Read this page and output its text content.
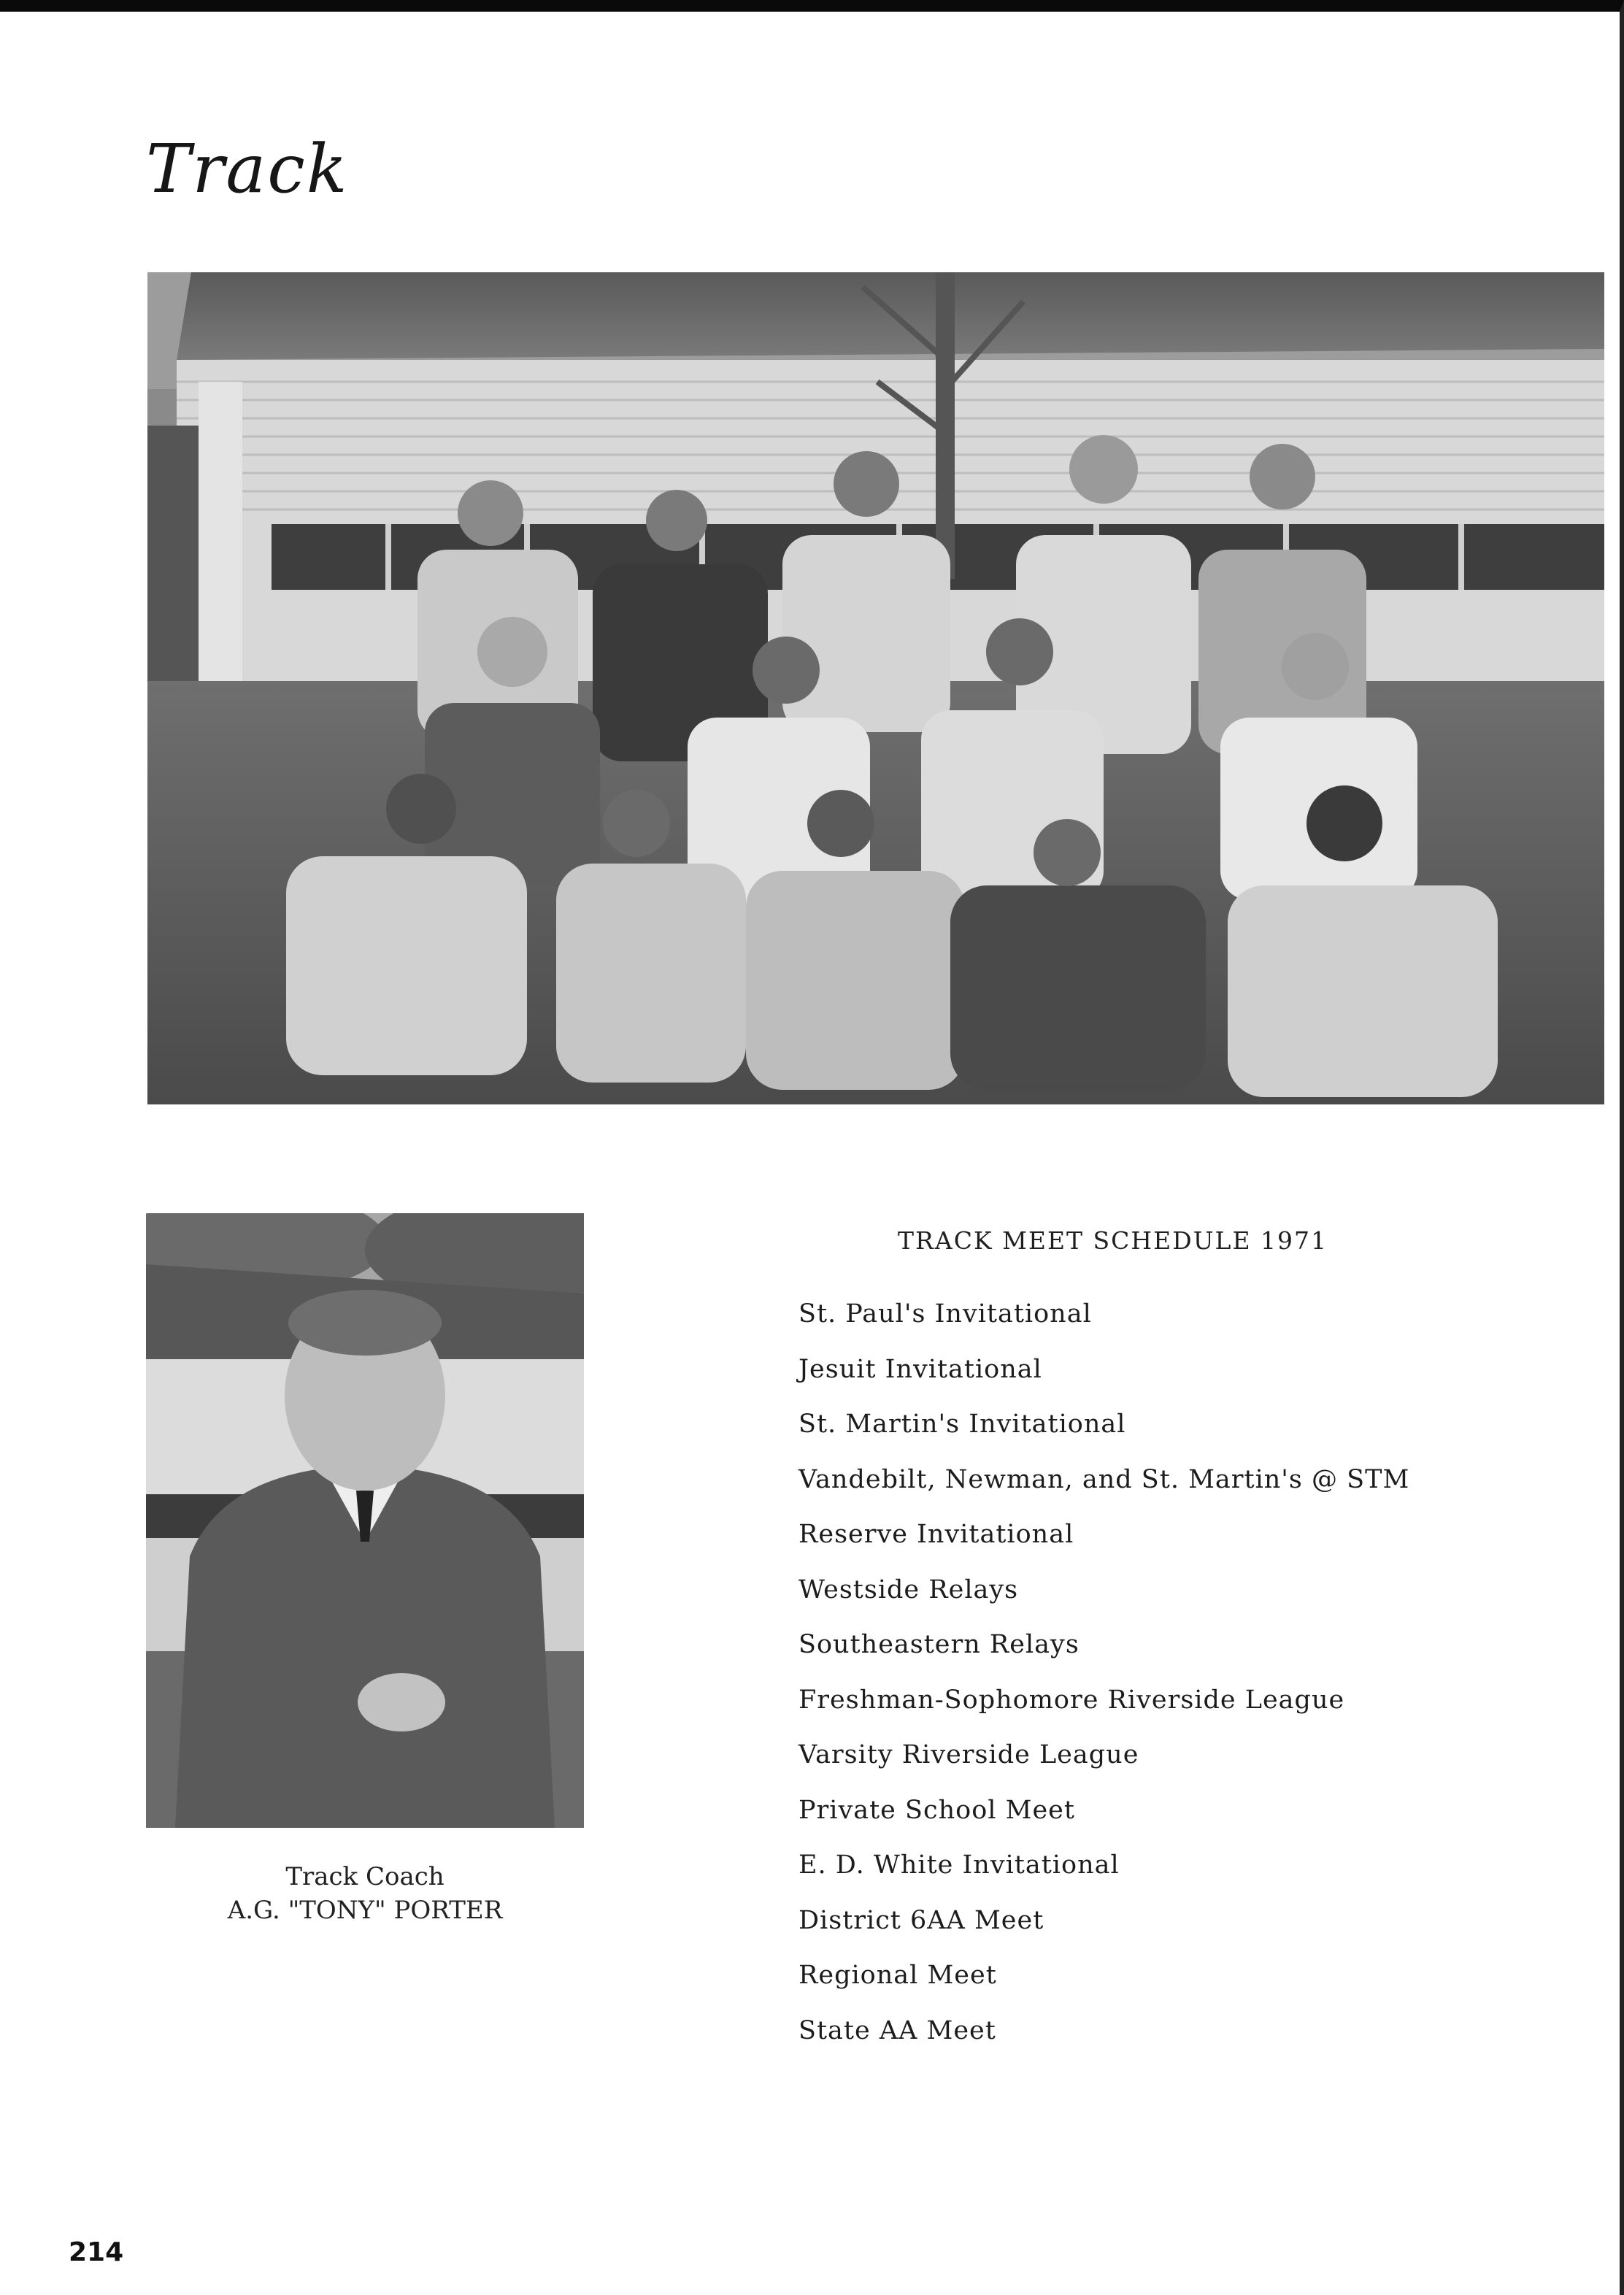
Track
Track Coach
A.G. "TONY" PORTER
TRACK MEET SCHEDULE 1971
St. Paul's Invitational
Jesuit Invitational
St. Martin's Invitational
Vandebilt, Newman, and St. Martin's @ STM
Reserve Invitational
Westside Relays
Southeastern Relays
Freshman-Sophomore Riverside League
Varsity Riverside League
Private School Meet
E. D. White Invitational
District 6AA Meet
Regional Meet
State AA Meet
214
